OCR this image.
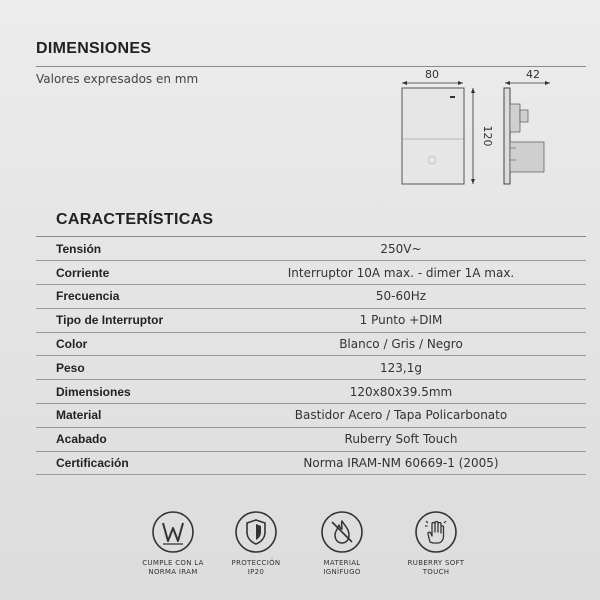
DIMENSIONES
Valores expresados en mm	80
120
42
CARACTERÍSTICAS
Tensión	250V~
Corriente	Interruptor 10A max. - dimer 1A max.
Frecuencia	50-60Hz
Tipo de Interruptor	1 Punto +DIM
Color	Blanco / Gris / Negro
Peso	123,1g
Dimensiones	120x80x39.5mm
Material	Bastidor Acero / Tapa Policarbonato
Acabado	Ruberry Soft Touch
Certificación	Norma IRAM-NM 60669-1 (2005)
CUMPLE CON LA
NORMA IRAM
PROTECCIÓN
IP20
MATERIAL
IGNÍFUGO
RUBERRY SOFT
TOUCH
